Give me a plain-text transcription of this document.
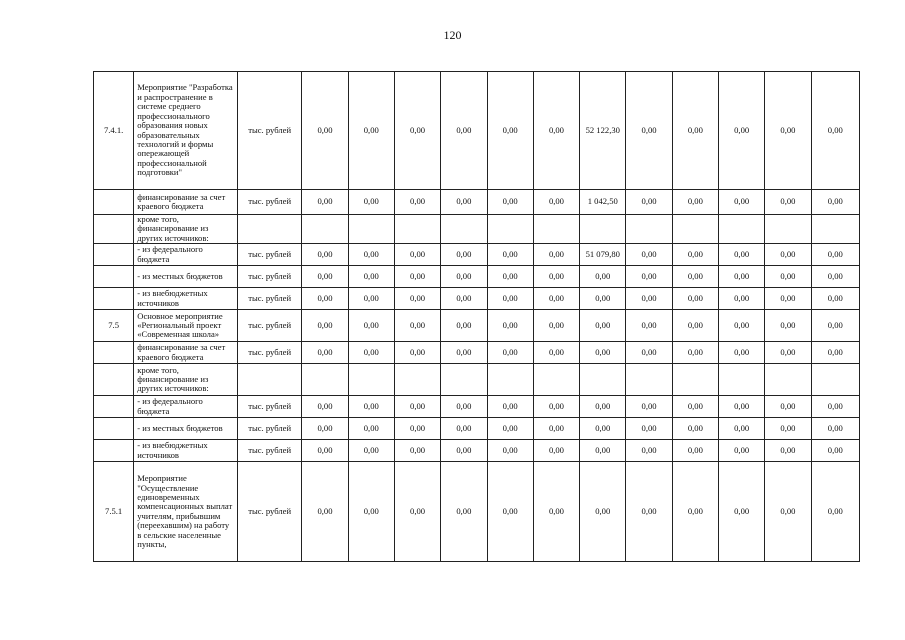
120
7.4.1.	Мероприятие "Разработка и распространение в системе среднего профессионального образования новых образовательных технологий и формы опережающей профессиональной подготовки"	тыс. рублей	0,00	0,00	0,00	0,00	0,00	0,00	52 122,30	0,00	0,00	0,00	0,00	0,00
	финансирование за счет краевого бюджета	тыс. рублей	0,00	0,00	0,00	0,00	0,00	0,00	1 042,50	0,00	0,00	0,00	0,00	0,00
	кроме того, финансирование из других источников:													
	- из федерального бюджета	тыс. рублей	0,00	0,00	0,00	0,00	0,00	0,00	51 079,80	0,00	0,00	0,00	0,00	0,00
	- из местных бюджетов	тыс. рублей	0,00	0,00	0,00	0,00	0,00	0,00	0,00	0,00	0,00	0,00	0,00	0,00
	- из внебюджетных источников	тыс. рублей	0,00	0,00	0,00	0,00	0,00	0,00	0,00	0,00	0,00	0,00	0,00	0,00
7.5	Основное мероприятие «Региональный проект «Современная школа»	тыс. рублей	0,00	0,00	0,00	0,00	0,00	0,00	0,00	0,00	0,00	0,00	0,00	0,00
	финансирование за счет краевого бюджета	тыс. рублей	0,00	0,00	0,00	0,00	0,00	0,00	0,00	0,00	0,00	0,00	0,00	0,00
	кроме того, финансирование из других источников:													
	- из федерального бюджета	тыс. рублей	0,00	0,00	0,00	0,00	0,00	0,00	0,00	0,00	0,00	0,00	0,00	0,00
	- из местных бюджетов	тыс. рублей	0,00	0,00	0,00	0,00	0,00	0,00	0,00	0,00	0,00	0,00	0,00	0,00
	- из внебюджетных источников	тыс. рублей	0,00	0,00	0,00	0,00	0,00	0,00	0,00	0,00	0,00	0,00	0,00	0,00
7.5.1	Мероприятие "Осуществление единовременных компенсационных выплат учителям, прибывшим (переехавшим) на работу в сельские населенные пункты,	тыс. рублей	0,00	0,00	0,00	0,00	0,00	0,00	0,00	0,00	0,00	0,00	0,00	0,00
